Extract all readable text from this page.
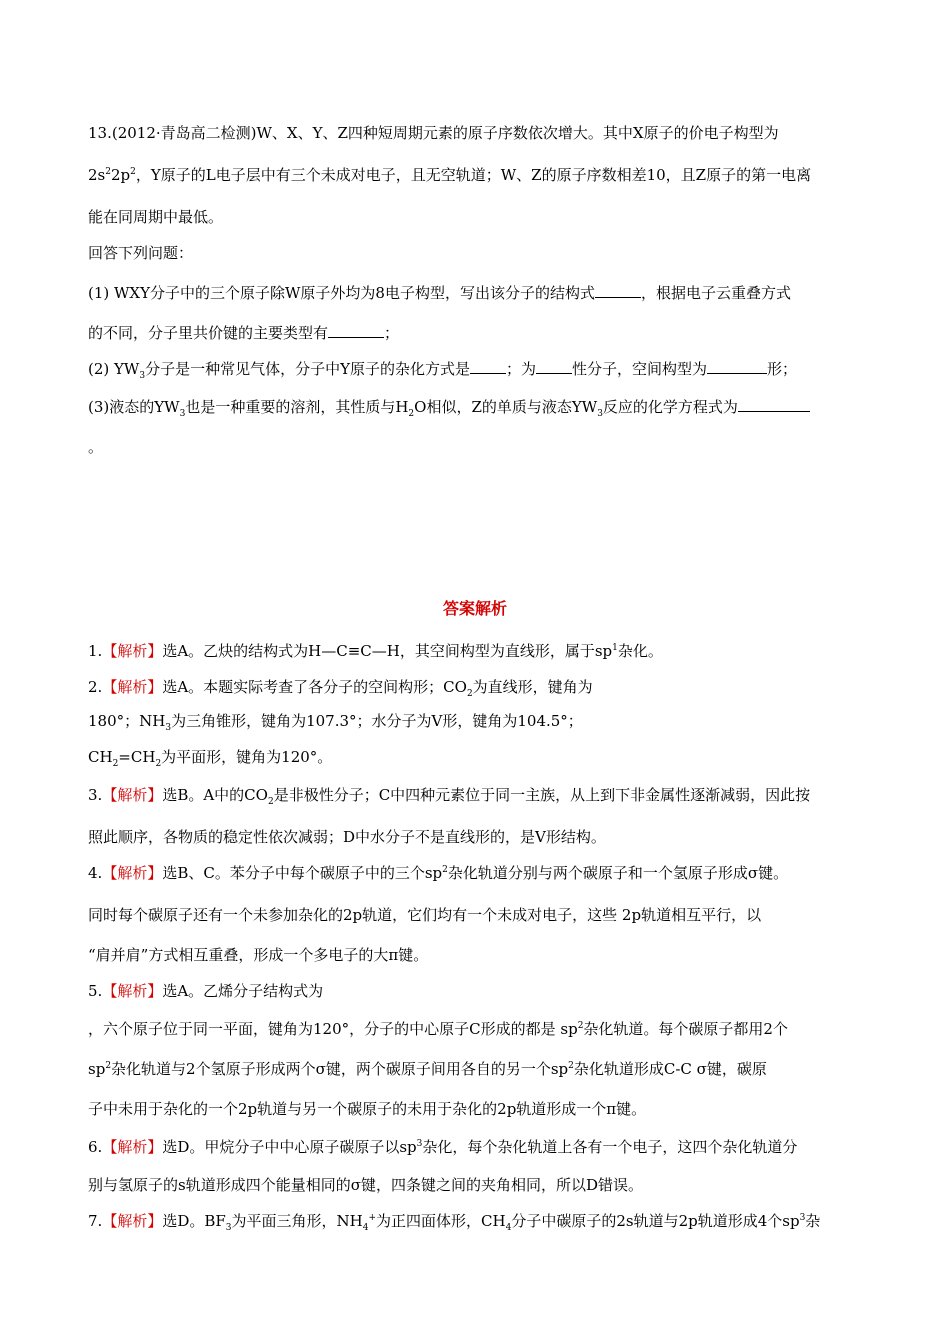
13.(2012·青岛高二检测)W、X、Y、Z四种短周期元素的原子序数依次增大。其中X原子的价电子构型为
$2s^22p^2$，Y原子的L电子层中有三个未成对电子，且无空轨道；W、Z的原子序数相差10，且Z原子的第一电离
能在同周期中最低。
回答下列问题：
(1) WXY分子中的三个原子除W原子外均为8电子构型，写出该分子的结构式	，根据电子云重叠方式
的不同，分子里共价键的主要类型有	；
(2) $YW_3$分子是一种常见气体，分子中Y原子的杂化方式是 ；为 性分子，空间构型为	形；
(3)液态的$YW_3$也是一种重要的溶剂，其性质与$H_2O$相似，Z的单质与液态$YW_3$反应的化学方程式为
。
答案解析
1.【解析】选A。乙炔的结构式为H—C≡C—H，其空间构型为直线形，属于$sp^1$杂化。
2.【解析】选A。本题实际考查了各分子的空间构形；$CO_2$为直线形，键角为
180°；$NH_3$为三角锥形，键角为107.3°；水分子为V形，键角为104.5°；
$CH_2=CH_2$为平面形，键角为120°。
3.【解析】选B。A中的$CO_2$是非极性分子；C中四种元素位于同一主族，从上到下非金属性逐渐减弱，因此按
照此顺序，各物质的稳定性依次减弱；D中水分子不是直线形的，是V形结构。
4.【解析】选B、C。苯分子中每个碳原子中的三个$sp^2$杂化轨道分别与两个碳原子和一个氢原子形成σ键。
同时每个碳原子还有一个未参加杂化的2p轨道，它们均有一个未成对电子，这些 2p轨道相互平行，以
“肩并肩”方式相互重叠，形成一个多电子的大π键。
5.【解析】选A。乙烯分子结构式为
，六个原子位于同一平面，键角为120°，分子的中心原子C形成的都是 $sp^2$杂化轨道。每个碳原子都用2个
$sp^2$杂化轨道与2个氢原子形成两个σ键，两个碳原子间用各自的另一个$sp^2$杂化轨道形成C-C σ键，碳原
子中未用于杂化的一个2p轨道与另一个碳原子的未用于杂化的2p轨道形成一个π键。
6.【解析】选D。甲烷分子中中心原子碳原子以$sp^3$杂化，每个杂化轨道上各有一个电子，这四个杂化轨道分
别与氢原子的s轨道形成四个能量相同的σ键，四条键之间的夹角相同，所以D错误。
7.【解析】选D。$BF_3$为平面三角形，$NH_4^+$为正四面体形，$CH_4$分子中碳原子的2s轨道与2p轨道形成4个$sp^3$杂
